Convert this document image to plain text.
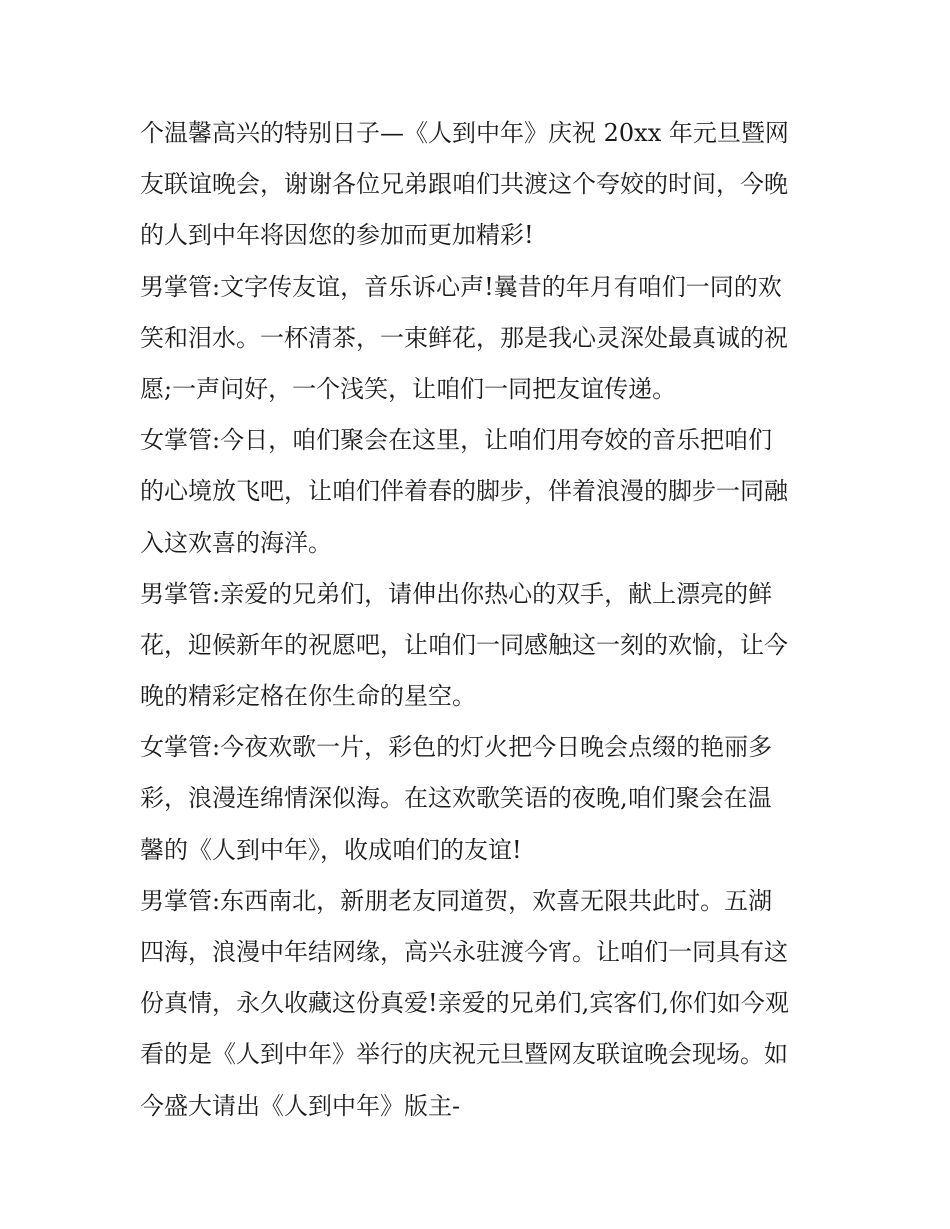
个温馨高兴的特别日子—《人到中年》庆祝 20xx 年元旦暨网
友联谊晚会，谢谢各位兄弟跟咱们共渡这个夸姣的时间，今晚
的人到中年将因您的参加而更加精彩!
男掌管:文字传友谊，音乐诉心声!曩昔的年月有咱们一同的欢
笑和泪水。一杯清茶，一束鲜花，那是我心灵深处最真诚的祝
愿;一声问好，一个浅笑，让咱们一同把友谊传递。
女掌管:今日，咱们聚会在这里，让咱们用夸姣的音乐把咱们
的心境放飞吧，让咱们伴着春的脚步，伴着浪漫的脚步一同融
入这欢喜的海洋。
男掌管:亲爱的兄弟们，请伸出你热心的双手，献上漂亮的鲜
花，迎候新年的祝愿吧，让咱们一同感触这一刻的欢愉，让今
晚的精彩定格在你生命的星空。
女掌管:今夜欢歌一片，彩色的灯火把今日晚会点缀的艳丽多
彩，浪漫连绵情深似海。在这欢歌笑语的夜晚,咱们聚会在温
馨的《人到中年》，收成咱们的友谊!
男掌管:东西南北，新朋老友同道贺，欢喜无限共此时。五湖
四海，浪漫中年结网缘，高兴永驻渡今宵。让咱们一同具有这
份真情，永久收藏这份真爱!亲爱的兄弟们,宾客们,你们如今观
看的是《人到中年》举行的庆祝元旦暨网友联谊晚会现场。如
今盛大请出《人到中年》版主-
